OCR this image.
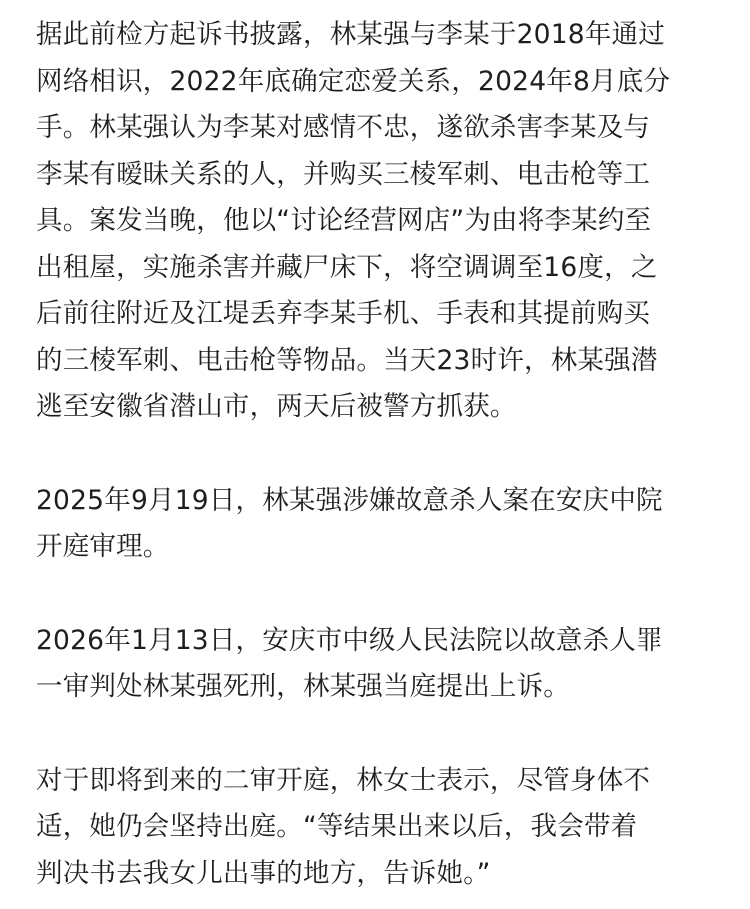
据此前检方起诉书披露，林某强与李某于2018年通过
网络相识，2022年底确定恋爱关系，2024年8月底分
手。林某强认为李某对感情不忠，遂欲杀害李某及与
李某有暧昧关系的人，并购买三棱军刺、电击枪等工
具。案发当晚，他以“讨论经营网店”为由将李某约至
出租屋，实施杀害并藏尸床下，将空调调至16度，之
后前往附近及江堤丢弃李某手机、手表和其提前购买
的三棱军刺、电击枪等物品。当天23时许，林某强潜
逃至安徽省潜山市，两天后被警方抓获。
2025年9月19日，林某强涉嫌故意杀人案在安庆中院
开庭审理。
2026年1月13日，安庆市中级人民法院以故意杀人罪
一审判处林某强死刑，林某强当庭提出上诉。
对于即将到来的二审开庭，林女士表示，尽管身体不
适，她仍会坚持出庭。“等结果出来以后，我会带着
判决书去我女儿出事的地方，告诉她。”
